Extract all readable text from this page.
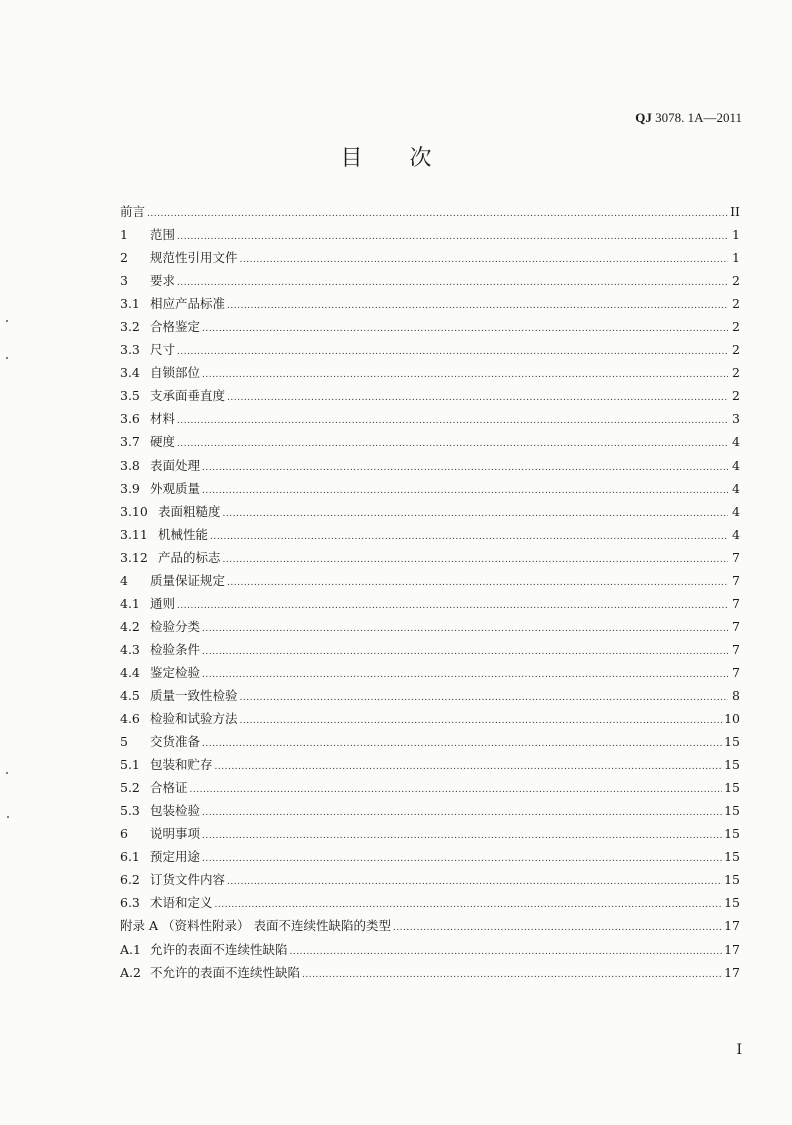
QJ 3078. 1A—2011
目 次
前言 .....	II
1	范围 .....	1
2	规范性引用文件 .....	1
3	要求 .....	2
3.1 相应产品标准 .....	2
3.2 合格鉴定 .....	2
3.3 尺寸 .....	2
3.4 自锁部位 .....	2
3.5 支承面垂直度 .....	2
3.6 材料 .....	3
3.7 硬度 .....	4
3.8 表面处理 .....	4
3.9 外观质量 .....	4
3.10 表面粗糙度 .....	4
3.11 机械性能 .....	4
3.12 产品的标志 .....	7
4	质量保证规定 .....	7
4.1 通则 .....	7
4.2 检验分类 .....	7
4.3 检验条件 .....	7
4.4 鉴定检验 .....	7
4.5 质量一致性检验 .....	8
4.6 检验和试验方法 .....	10
5	交货准备 .....	15
5.1 包装和贮存 .....	15
5.2 合格证 .....	15
5.3 包装检验 .....	15
6	说明事项 .....	15
6.1 预定用途 .....	15
6.2 订货文件内容 .....	15
6.3 术语和定义 .....	15
附录 A （资料性附录） 表面不连续性缺陷的类型 .....	17
A.1 允许的表面不连续性缺陷 .....	17
A.2 不允许的表面不连续性缺陷 .....	17
I
